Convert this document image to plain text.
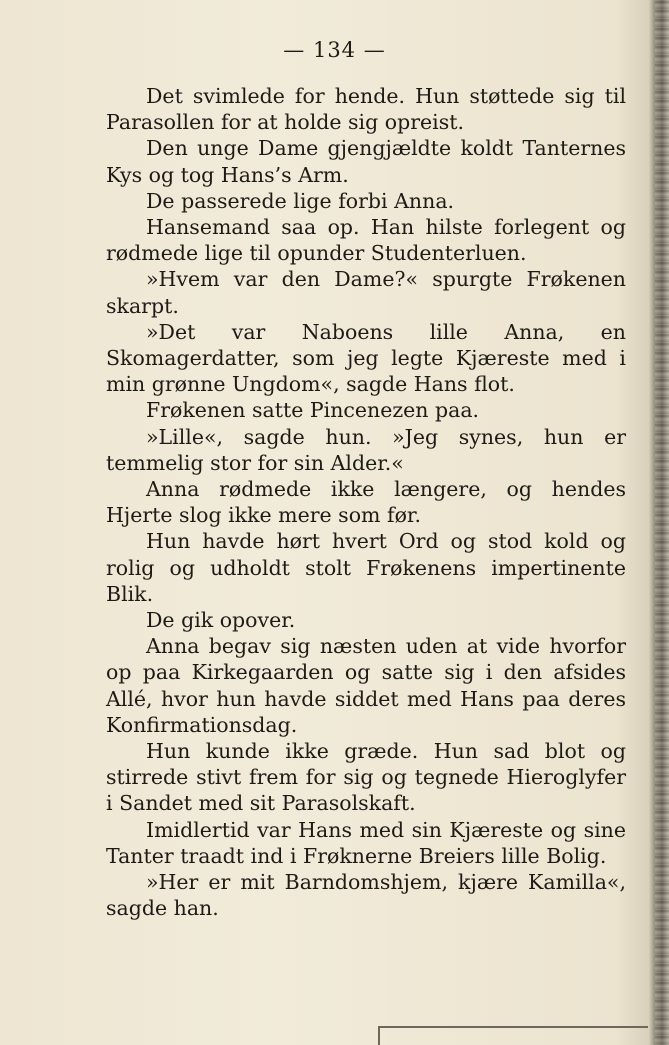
— 134 —

Det svimlede for hende. Hun støttede sig til Parasollen for at holde sig opreist.

Den unge Dame gjengjældte koldt Tanternes Kys og tog Hans’s Arm.

De passerede lige forbi Anna.

Hansemand saa op. Han hilste forlegent og rødmede lige til opunder Studenterluen.

»Hvem var den Dame?« spurgte Frøkenen skarpt.

»Det var Naboens lille Anna, en Skomagerdatter, som jeg legte Kjæreste med i min grønne Ungdom«, sagde Hans flot.

Frøkenen satte Pincenezen paa.

»Lille«, sagde hun. »Jeg synes, hun er temmelig stor for sin Alder.«

Anna rødmede ikke længere, og hendes Hjerte slog ikke mere som før.

Hun havde hørt hvert Ord og stod kold og rolig og udholdt stolt Frøkenens impertinente Blik.

De gik opover.

Anna begav sig næsten uden at vide hvorfor op paa Kirkegaarden og satte sig i den afsides Allé, hvor hun havde siddet med Hans paa deres Konfirmationsdag.

Hun kunde ikke græde. Hun sad blot og stirrede stivt frem for sig og tegnede Hieroglyfer i Sandet med sit Parasolskaft.

Imidlertid var Hans med sin Kjæreste og sine Tanter traadt ind i Frøknerne Breiers lille Bolig.

»Her er mit Barndomshjem, kjære Kamilla«, sagde han.
